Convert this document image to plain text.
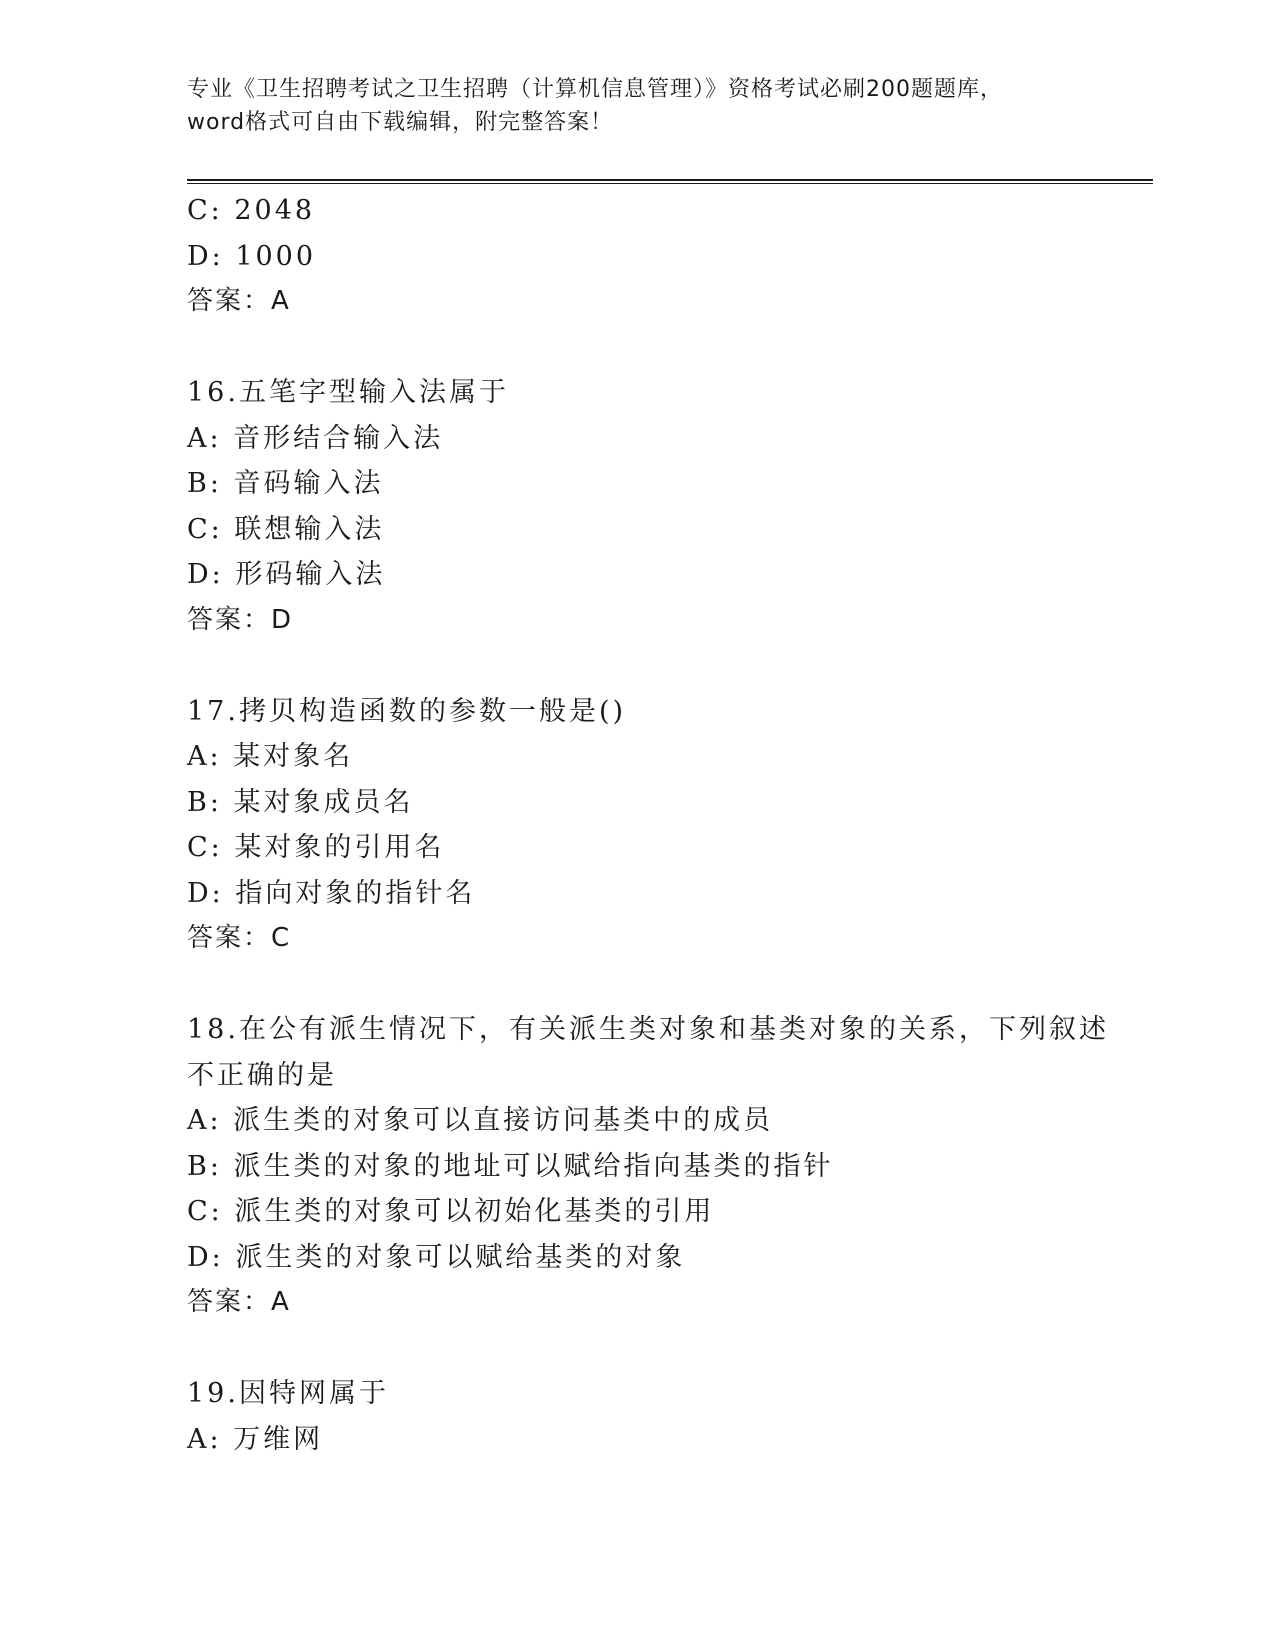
专业《卫生招聘考试之卫生招聘（计算机信息管理）》资格考试必刷200题题库，
word格式可自由下载编辑，附完整答案！
C: 2048
D: 1000
答案：A
16.五笔字型输入法属于
A: 音形结合输入法
B: 音码输入法
C: 联想输入法
D: 形码输入法
答案：D
17.拷贝构造函数的参数一般是()
A: 某对象名
B: 某对象成员名
C: 某对象的引用名
D: 指向对象的指针名
答案：C
18.在公有派生情况下，有关派生类对象和基类对象的关系，下列叙述
不正确的是
A: 派生类的对象可以直接访问基类中的成员
B: 派生类的对象的地址可以赋给指向基类的指针
C: 派生类的对象可以初始化基类的引用
D: 派生类的对象可以赋给基类的对象
答案：A
19.因特网属于
A: 万维网
